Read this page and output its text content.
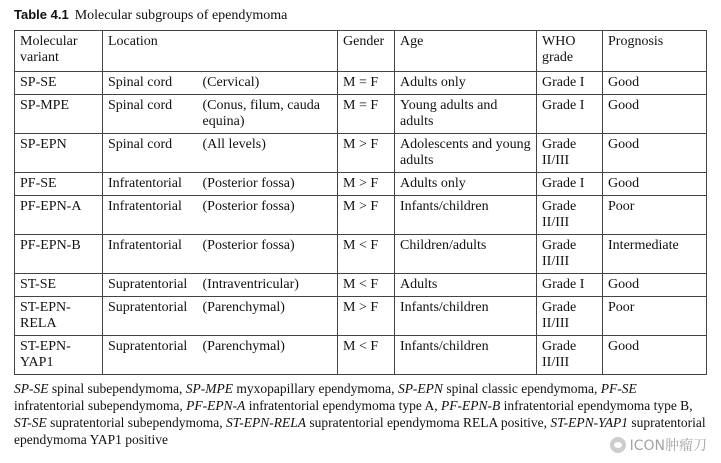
Table 4.1 Molecular subgroups of ependymoma
Molecular variant	Location		Gender	Age	WHO grade	Prognosis
SP-SE	Spinal cord	(Cervical)	M = F	Adults only	Grade I	Good
SP-MPE	Spinal cord	(Conus, filum, cauda equina)	M = F	Young adults and adults	Grade I	Good
SP-EPN	Spinal cord	(All levels)	M > F	Adolescents and young adults	Grade II/III	Good
PF-SE	Infratentorial	(Posterior fossa)	M > F	Adults only	Grade I	Good
PF-EPN-A	Infratentorial	(Posterior fossa)	M > F	Infants/children	Grade II/III	Poor
PF-EPN-B	Infratentorial	(Posterior fossa)	M < F	Children/adults	Grade II/III	Intermediate
ST-SE	Supratentorial	(Intraventricular)	M < F	Adults	Grade I	Good
ST-EPN-RELA	Supratentorial	(Parenchymal)	M > F	Infants/children	Grade II/III	Poor
ST-EPN-YAP1	Supratentorial	(Parenchymal)	M < F	Infants/children	Grade II/III	Good
SP-SE spinal subependymoma, SP-MPE myxopapillary ependymoma, SP-EPN spinal classic ependymoma, PF-SE infratentorial subependymoma, PF-EPN-A infratentorial ependymoma type A, PF-EPN-B infratentorial ependymoma type B, ST-SE supratentorial subependymoma, ST-EPN-RELA supratentorial ependymoma RELA positive, ST-EPN-YAP1 supratentorial ependymoma YAP1 positive	ICON肿瘤刀
